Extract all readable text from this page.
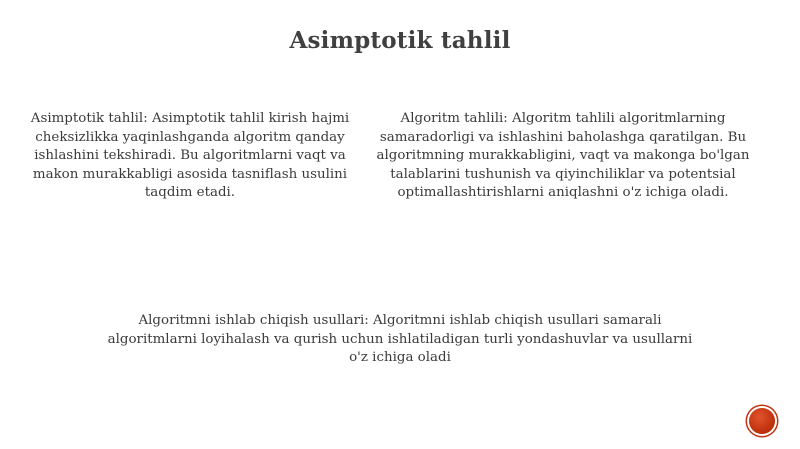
Asimptotik tahlil
Asimptotik tahlil: Asimptotik tahlil kirish hajmi cheksizlikka yaqinlashganda algoritm qanday ishlashini tekshiradi. Bu algoritmlarni vaqt va makon murakkabligi asosida tasniflash usulini taqdim etadi.
Algoritm tahlili: Algoritm tahlili algoritmlarning samaradorligi va ishlashini baholashga qaratilgan. Bu algoritmning murakkabligini, vaqt va makonga bo'lgan talablarini tushunish va qiyinchiliklar va potentsial optimallashtirishlarni aniqlashni o'z ichiga oladi.
Algoritmni ishlab chiqish usullari: Algoritmni ishlab chiqish usullari samarali algoritmlarni loyihalash va qurish uchun ishlatiladigan turli yondashuvlar va usullarni o'z ichiga oladi
